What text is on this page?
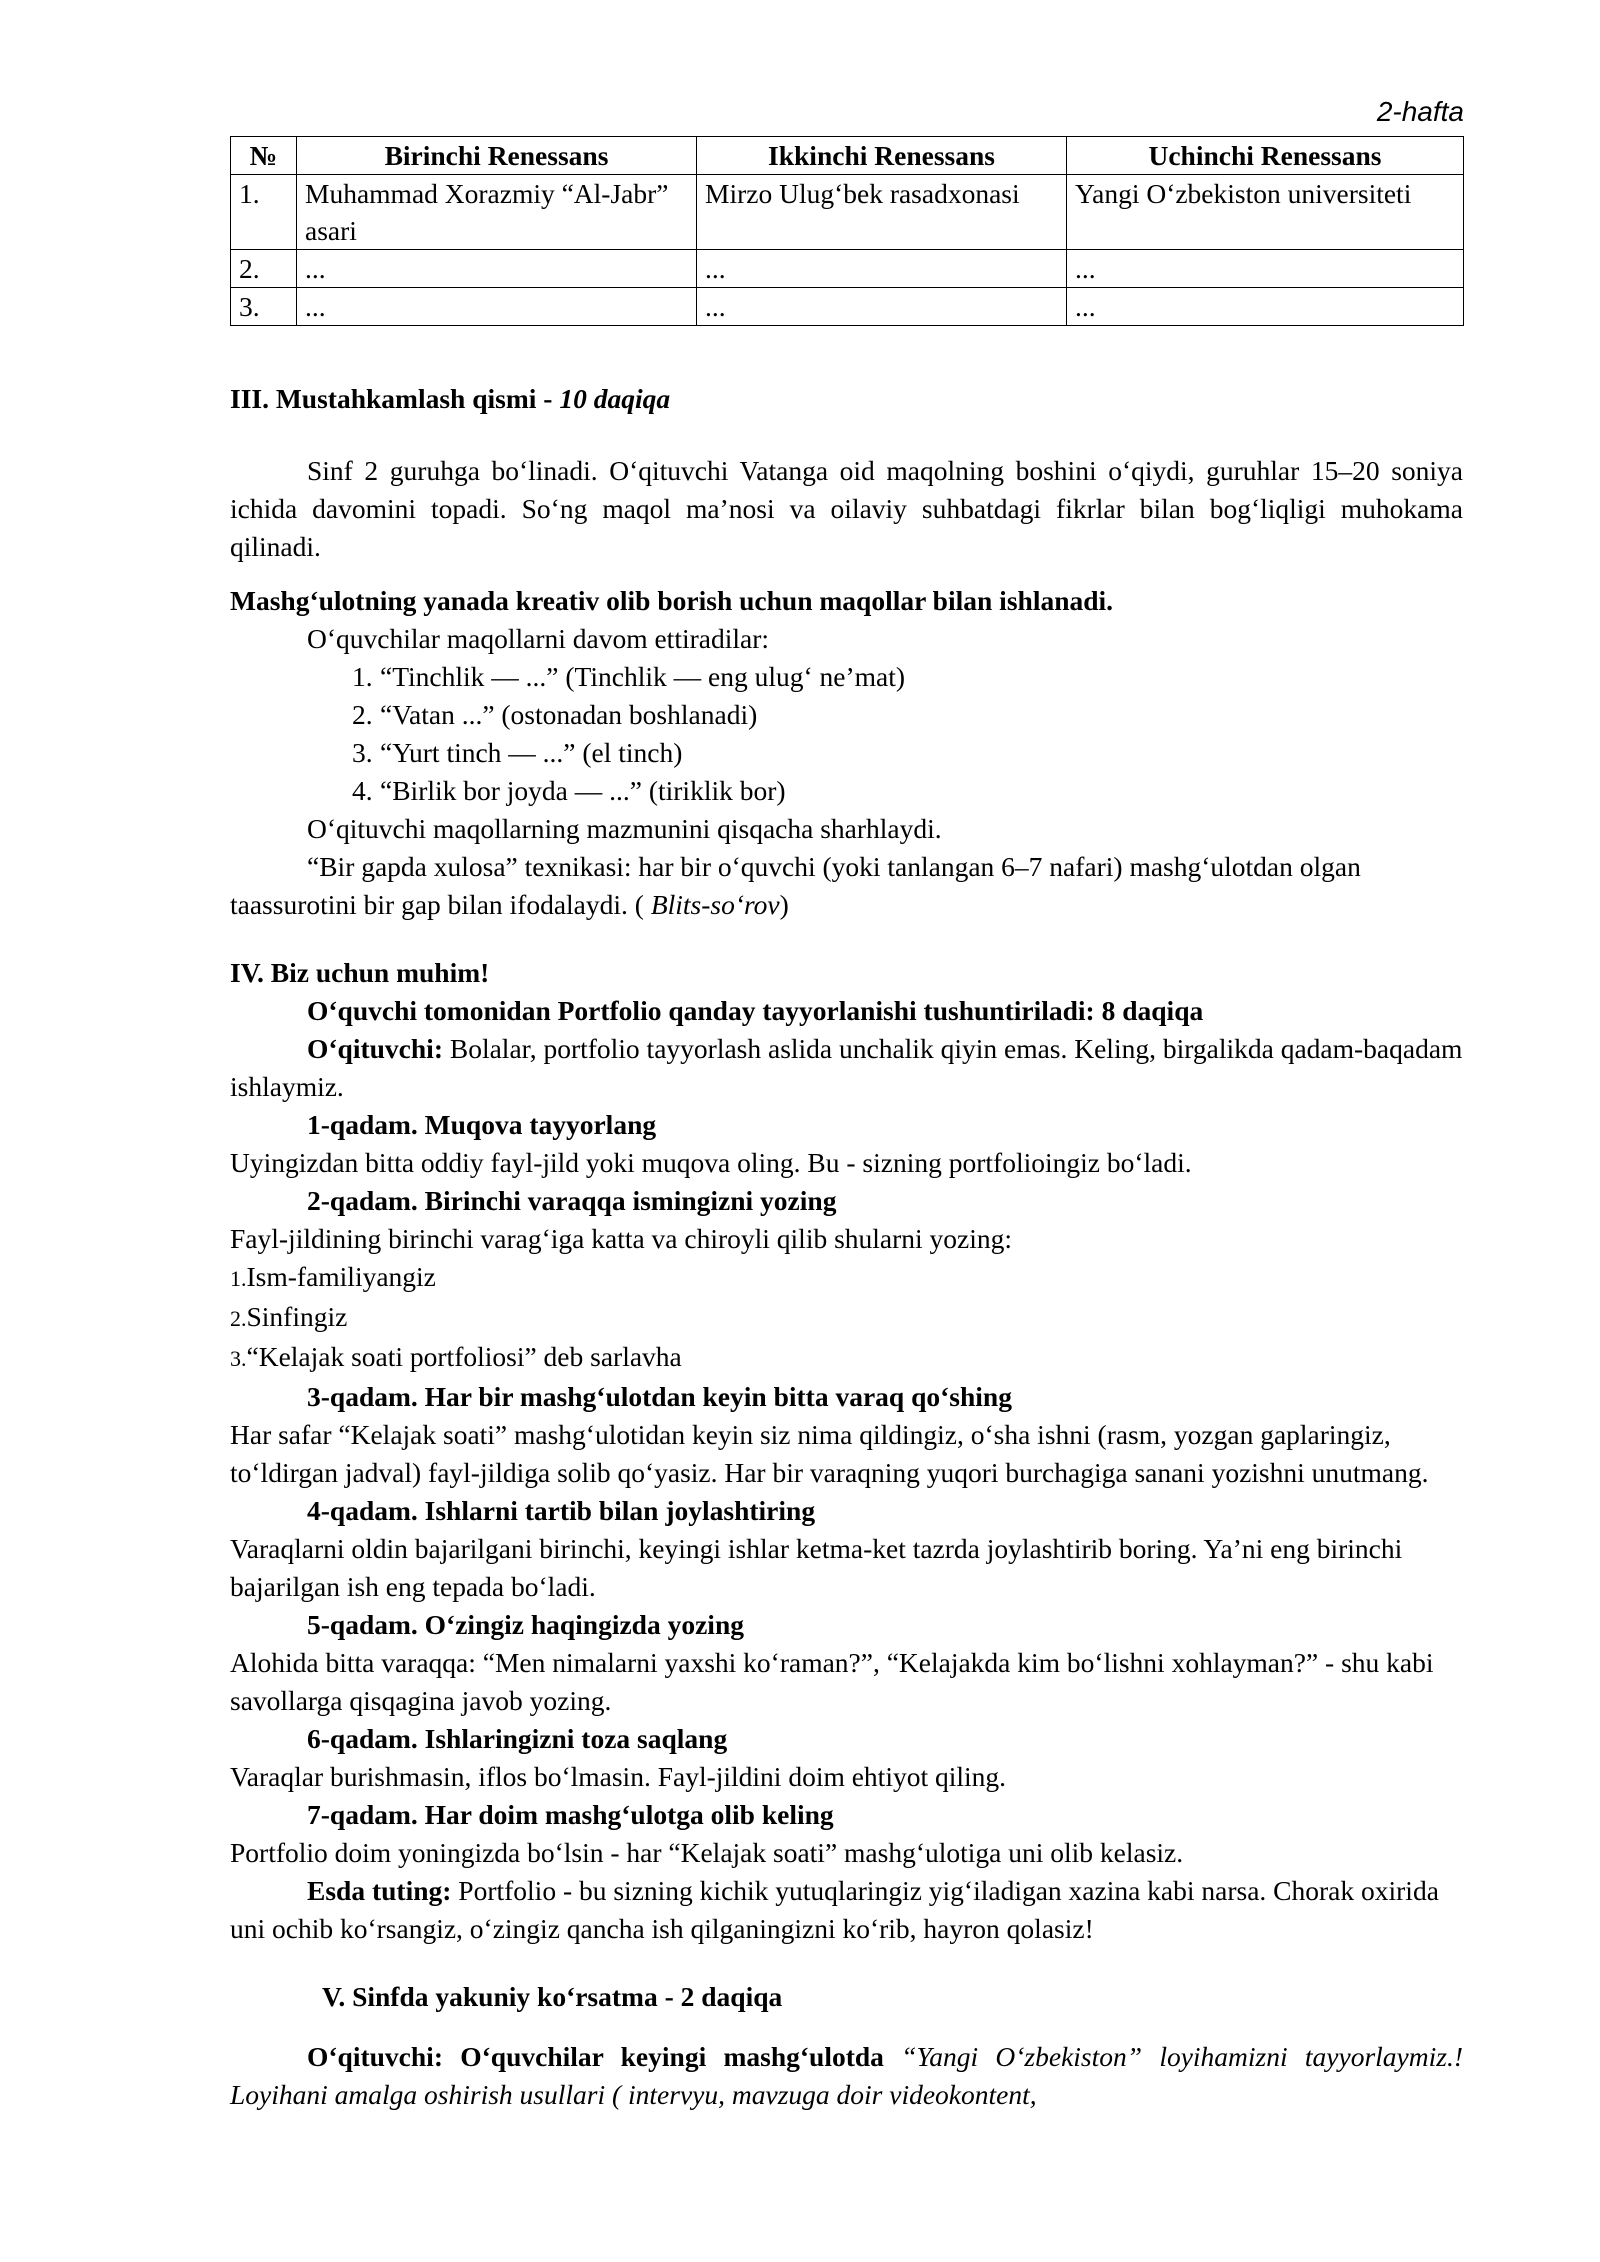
2-hafta
№	Birinchi Renessans	Ikkinchi Renessans	Uchinchi Renessans
1.	Muhammad Xorazmiy “Al-Jabr” asari	Mirzo Ulug‘bek rasadxonasi	Yangi O‘zbekiston universiteti
2.	...	...	...
3.	...	...	...

III. Mustahkamlash qismi - 10 daqiqa

Sinf 2 guruhga bo‘linadi. O‘qituvchi Vatanga oid maqolning boshini o‘qiydi, guruhlar 15–20 soniya ichida davomini topadi. So‘ng maqol ma’nosi va oilaviy suhbatdagi fikrlar bilan bog‘liqligi muhokama qilinadi.

Mashg‘ulotning yanada kreativ olib borish uchun maqollar bilan ishlanadi.

O‘quvchilar maqollarni davom ettiradilar:

1. “Tinchlik — ...” (Tinchlik — eng ulug‘ ne’mat)
2. “Vatan ...” (ostonadan boshlanadi)
3. “Yurt tinch — ...” (el tinch)
4. “Birlik bor joyda — ...” (tiriklik bor)

O‘qituvchi maqollarning mazmunini qisqacha sharhlaydi.

“Bir gapda xulosa” texnikasi: har bir o‘quvchi (yoki tanlangan 6–7 nafari) mashg‘ulotdan olgan taassurotini bir gap bilan ifodalaydi. ( Blits-so‘rov)

IV. Biz uchun muhim!

O‘quvchi tomonidan Portfolio qanday tayyorlanishi tushuntiriladi: 8 daqiqa

O‘qituvchi: Bolalar, portfolio tayyorlash aslida unchalik qiyin emas. Keling, birgalikda qadam-baqadam ishlaymiz.

1-qadam. Muqova tayyorlang

Uyingizdan bitta oddiy fayl-jild yoki muqova oling. Bu - sizning portfolioingiz bo‘ladi.

2-qadam. Birinchi varaqqa ismingizni yozing

Fayl-jildining birinchi varag‘iga katta va chiroyli qilib shularni yozing:

1.Ism-familiyangiz

2.Sinfingiz

3.“Kelajak soati portfoliosi” deb sarlavha

3-qadam. Har bir mashg‘ulotdan keyin bitta varaq qo‘shing

Har safar “Kelajak soati” mashg‘ulotidan keyin siz nima qildingiz, o‘sha ishni (rasm, yozgan gaplaringiz, to‘ldirgan jadval) fayl-jildiga solib qo‘yasiz. Har bir varaqning yuqori burchagiga sanani yozishni unutmang.

4-qadam. Ishlarni tartib bilan joylashtiring

Varaqlarni oldin bajarilgani birinchi, keyingi ishlar ketma-ket tazrda joylashtirib boring. Ya’ni eng birinchi bajarilgan ish eng tepada bo‘ladi.

5-qadam. O‘zingiz haqingizda yozing

Alohida bitta varaqqa: “Men nimalarni yaxshi ko‘raman?”, “Kelajakda kim bo‘lishni xohlayman?” - shu kabi savollarga qisqagina javob yozing.

6-qadam. Ishlaringizni toza saqlang

Varaqlar burishmasin, iflos bo‘lmasin. Fayl-jildini doim ehtiyot qiling.

7-qadam. Har doim mashg‘ulotga olib keling

Portfolio doim yoningizda bo‘lsin - har “Kelajak soati” mashg‘ulotiga uni olib kelasiz.

Esda tuting: Portfolio - bu sizning kichik yutuqlaringiz yig‘iladigan xazina kabi narsa. Chorak oxirida uni ochib ko‘rsangiz, o‘zingiz qancha ish qilganingizni ko‘rib, hayron qolasiz!

V. Sinfda yakuniy ko‘rsatma - 2 daqiqa

O‘qituvchi: O‘quvchilar keyingi mashg‘ulotda “Yangi O‘zbekiston” loyihamizni tayyorlaymiz.! Loyihani amalga oshirish usullari ( intervyu, mavzuga doir videokontent,
